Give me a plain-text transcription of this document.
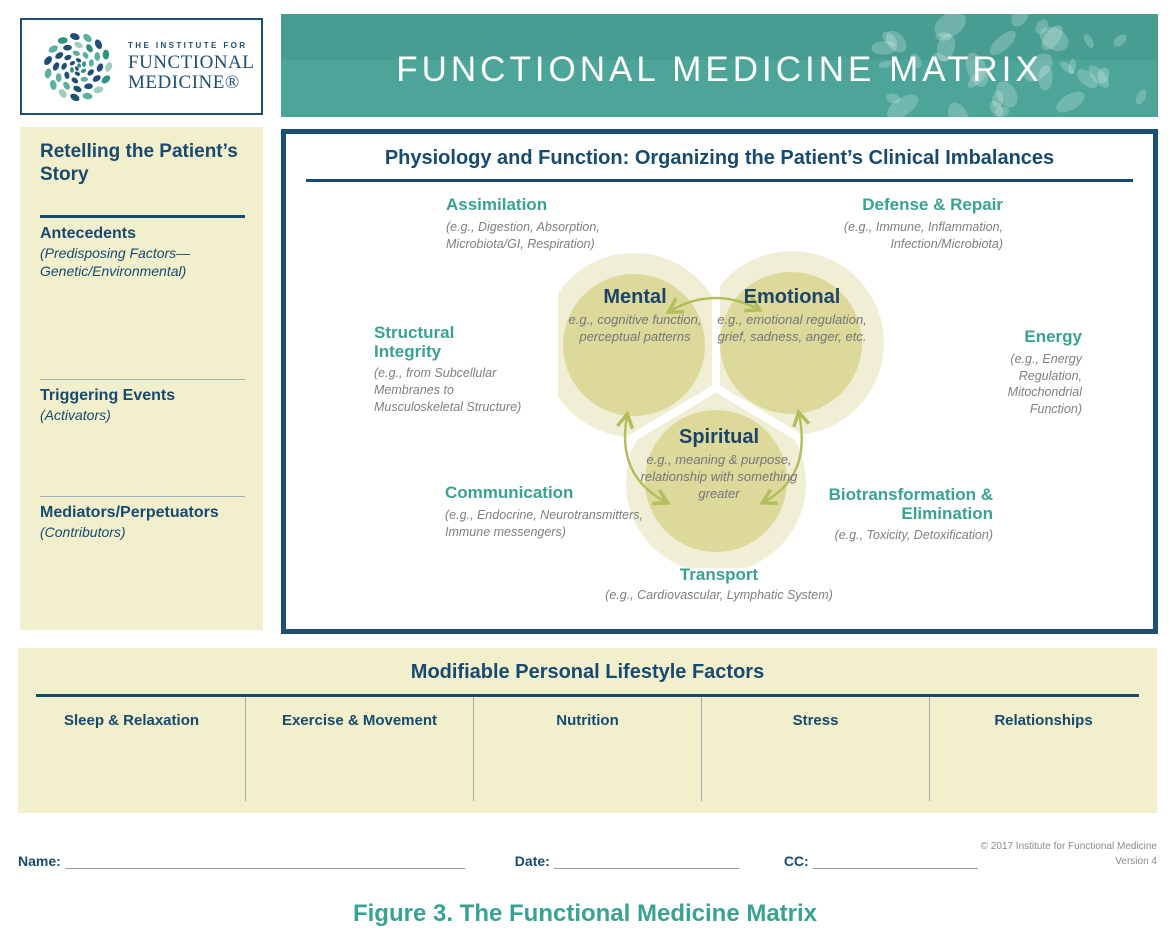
THE INSTITUTE FOR
FUNCTIONAL
MEDICINE®	FUNCTIONAL MEDICINE MATRIX
Retelling the Patient’s Story
Antecedents
(Predisposing Factors— Genetic/Environmental)
Triggering Events
(Activators)
Mediators/Perpetuators
(Contributors)
Physiology and Function: Organizing the Patient’s Clinical Imbalances
Mental
e.g., cognitive function, perceptual patterns
Emotional
e.g., emotional regulation, grief, sadness, anger, etc.
Spiritual
e.g., meaning & purpose, relationship with something greater
Assimilation
(e.g., Digestion, Absorption, Microbiota/GI, Respiration)
Defense & Repair
(e.g., Immune, Inflammation, Infection/Microbiota)
Structural Integrity
(e.g., from Subcellular Membranes to Musculoskeletal Structure)
Energy
(e.g., Energy Regulation, Mitochondrial Function)
Communication
(e.g., Endocrine, Neurotransmitters, Immune messengers)
Biotransformation & Elimination
(e.g., Toxicity, Detoxification)
Transport
(e.g., Cardiovascular, Lymphatic System)
Modifiable Personal Lifestyle Factors
Sleep & Relaxation	Exercise & Movement	Nutrition	Stress	Relationships
Name:	Date:	CC:
© 2017 Institute for Functional Medicine
Version 4
Figure 3. The Functional Medicine Matrix
